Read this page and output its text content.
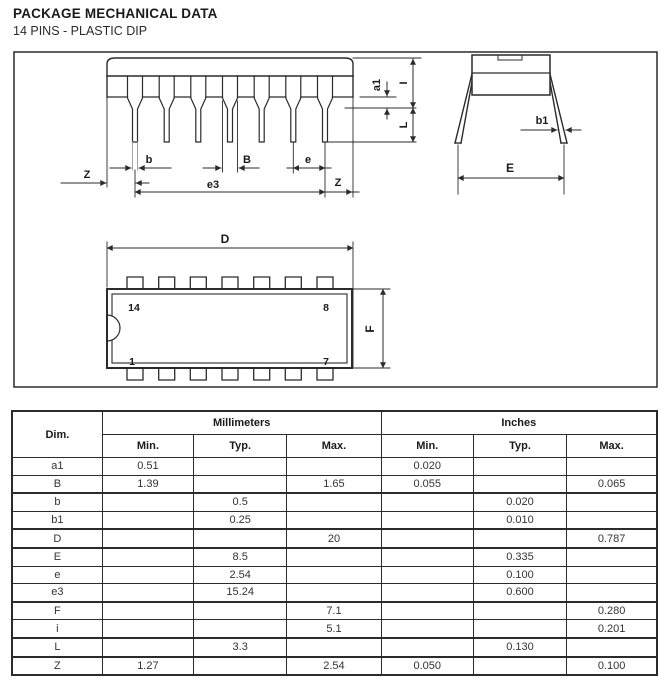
PACKAGE MECHANICAL DATA
14 PINS - PLASTIC DIP
Z
b	B	e
e3	Z
a1 I
L	b1
E
D
F
14	8
1	7
Dim.	Millimeters			Inches		
	Min.	Typ.	Max.	Min.	Typ.	Max.
a1	0.51			0.020		
B	1.39		1.65	0.055		0.065
b		0.5			0.020	
b1		0.25			0.010	
D			20			0.787
E		8.5			0.335	
e		2.54			0.100	
e3		15.24			0.600	
F			7.1			0.280
i			5.1			0.201
L		3.3			0.130	
Z	1.27		2.54	0.050		0.100
